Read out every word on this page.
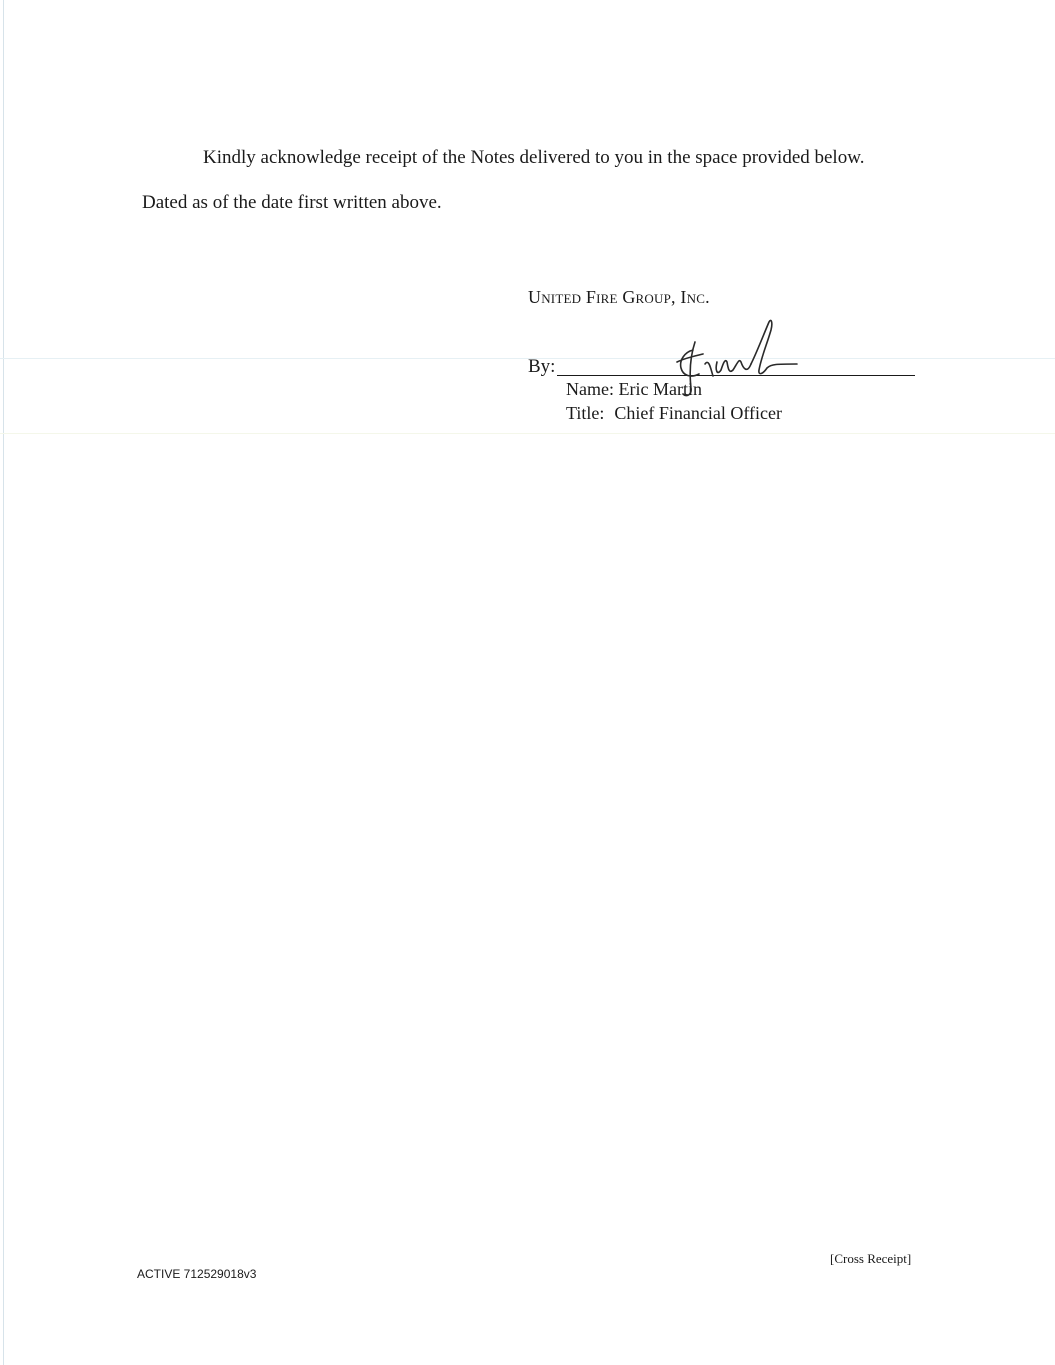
Kindly acknowledge receipt of the Notes delivered to you in the space provided below.
Dated as of the date first written above.
United Fire Group, Inc.
By:
Name: Eric Martin
Title: Chief Financial Officer
[Cross Receipt]
ACTIVE 712529018v3
